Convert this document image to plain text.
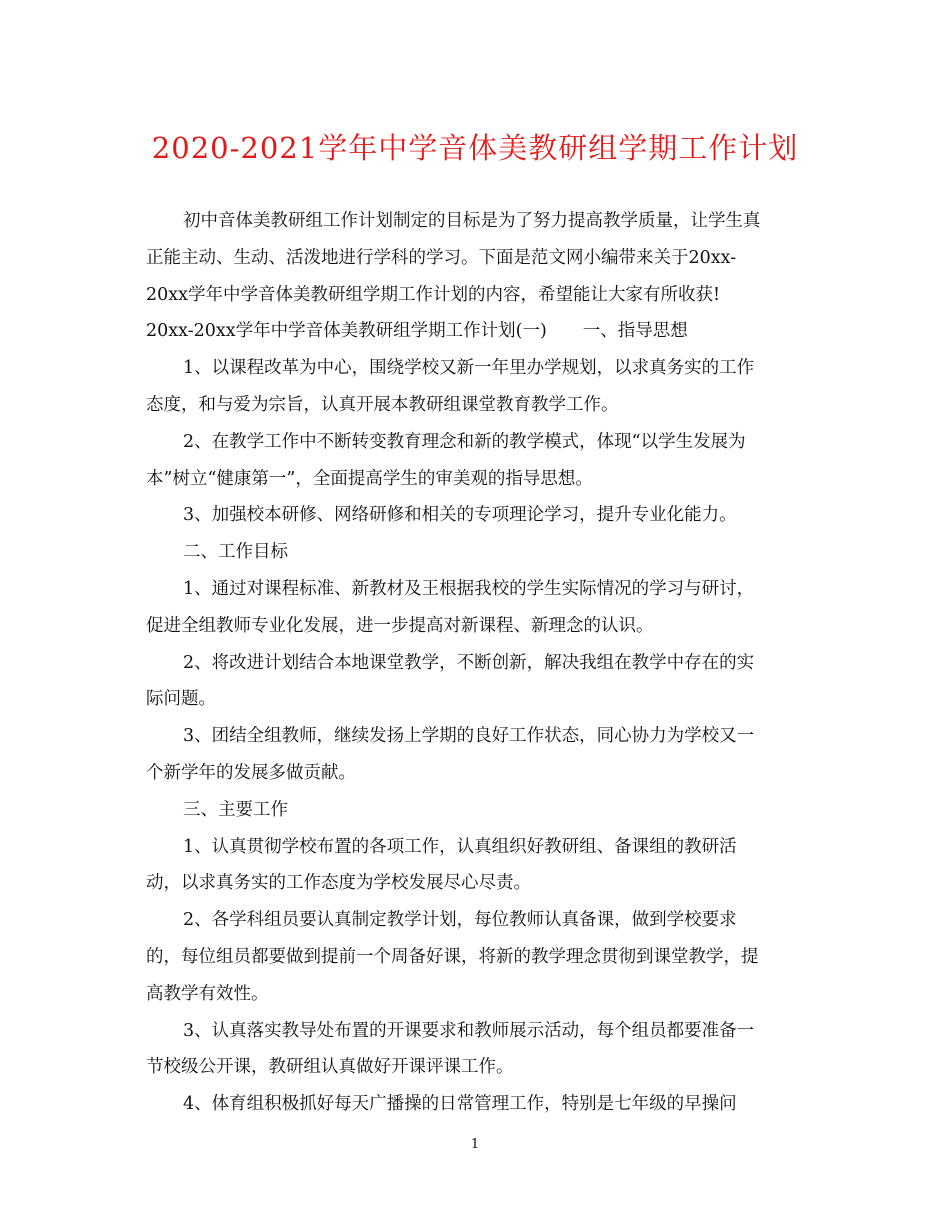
2020-2021学年中学音体美教研组学期工作计划
初中音体美教研组工作计划制定的目标是为了努力提高教学质量，让学生真
正能主动、生动、活泼地进行学科的学习。下面是范文网小编带来关于20xx-
20xx学年中学音体美教研组学期工作计划的内容，希望能让大家有所收获!
20xx-20xx学年中学音体美教研组学期工作计划(一) 一、指导思想
1、以课程改革为中心，围绕学校又新一年里办学规划，以求真务实的工作
态度，和与爱为宗旨，认真开展本教研组课堂教育教学工作。
2、在教学工作中不断转变教育理念和新的教学模式，体现“以学生发展为
本”树立“健康第一”，全面提高学生的审美观的指导思想。
3、加强校本研修、网络研修和相关的专项理论学习，提升专业化能力。
二、工作目标
1、通过对课程标准、新教材及王根据我校的学生实际情况的学习与研讨，
促进全组教师专业化发展，进一步提高对新课程、新理念的认识。
2、将改进计划结合本地课堂教学，不断创新，解决我组在教学中存在的实
际问题。
3、团结全组教师，继续发扬上学期的良好工作状态，同心协力为学校又一
个新学年的发展多做贡献。
三、主要工作
1、认真贯彻学校布置的各项工作，认真组织好教研组、备课组的教研活
动，以求真务实的工作态度为学校发展尽心尽责。
2、各学科组员要认真制定教学计划，每位教师认真备课，做到学校要求
的，每位组员都要做到提前一个周备好课，将新的教学理念贯彻到课堂教学，提
高教学有效性。
3、认真落实教导处布置的开课要求和教师展示活动，每个组员都要准备一
节校级公开课，教研组认真做好开课评课工作。
4、体育组积极抓好每天广播操的日常管理工作，特别是七年级的早操问
1
